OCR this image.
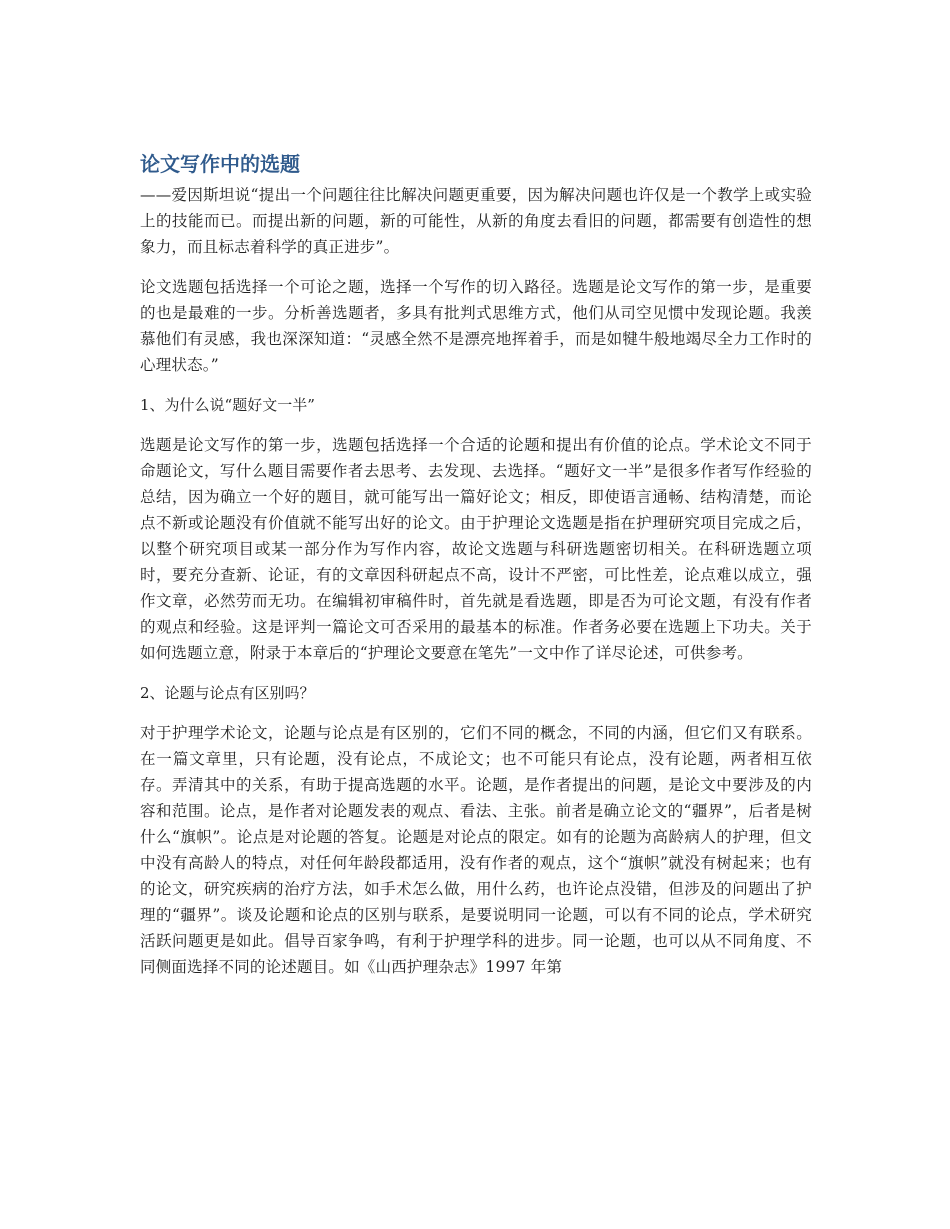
论文写作中的选题

——爱因斯坦说“提出一个问题往往比解决问题更重要，因为解决问题也许仅是一个教学上或实验上的技能而已。而提出新的问题，新的可能性，从新的角度去看旧的问题，都需要有创造性的想象力，而且标志着科学的真正进步”。

论文选题包括选择一个可论之题，选择一个写作的切入路径。选题是论文写作的第一步，是重要的也是最难的一步。分析善选题者，多具有批判式思维方式，他们从司空见惯中发现论题。我羡慕他们有灵感，我也深深知道：“灵感全然不是漂亮地挥着手，而是如犍牛般地竭尽全力工作时的心理状态。”

1、为什么说“题好文一半”

选题是论文写作的第一步，选题包括选择一个合适的论题和提出有价值的论点。学术论文不同于命题论文，写什么题目需要作者去思考、去发现、去选择。“题好文一半”是很多作者写作经验的总结，因为确立一个好的题目，就可能写出一篇好论文；相反，即使语言通畅、结构清楚，而论点不新或论题没有价值就不能写出好的论文。由于护理论文选题是指在护理研究项目完成之后，以整个研究项目或某一部分作为写作内容，故论文选题与科研选题密切相关。在科研选题立项时，要充分查新、论证，有的文章因科研起点不高，设计不严密，可比性差，论点难以成立，强作文章，必然劳而无功。在编辑初审稿件时，首先就是看选题，即是否为可论文题，有没有作者的观点和经验。这是评判一篇论文可否采用的最基本的标准。作者务必要在选题上下功夫。关于如何选题立意，附录于本章后的“护理论文要意在笔先”一文中作了详尽论述，可供参考。

2、论题与论点有区别吗？

对于护理学术论文，论题与论点是有区别的，它们不同的概念，不同的内涵，但它们又有联系。在一篇文章里，只有论题，没有论点，不成论文；也不可能只有论点，没有论题，两者相互依存。弄清其中的关系，有助于提高选题的水平。论题，是作者提出的问题，是论文中要涉及的内容和范围。论点，是作者对论题发表的观点、看法、主张。前者是确立论文的“疆界”，后者是树什么“旗帜”。论点是对论题的答复。论题是对论点的限定。如有的论题为高龄病人的护理，但文中没有高龄人的特点，对任何年龄段都适用，没有作者的观点，这个“旗帜”就没有树起来；也有的论文，研究疾病的治疗方法，如手术怎么做，用什么药，也许论点没错，但涉及的问题出了护理的“疆界”。谈及论题和论点的区别与联系，是要说明同一论题，可以有不同的论点，学术研究活跃问题更是如此。倡导百家争鸣，有利于护理学科的进步。同一论题，也可以从不同角度、不同侧面选择不同的论述题目。如《山西护理杂志》1997 年第
